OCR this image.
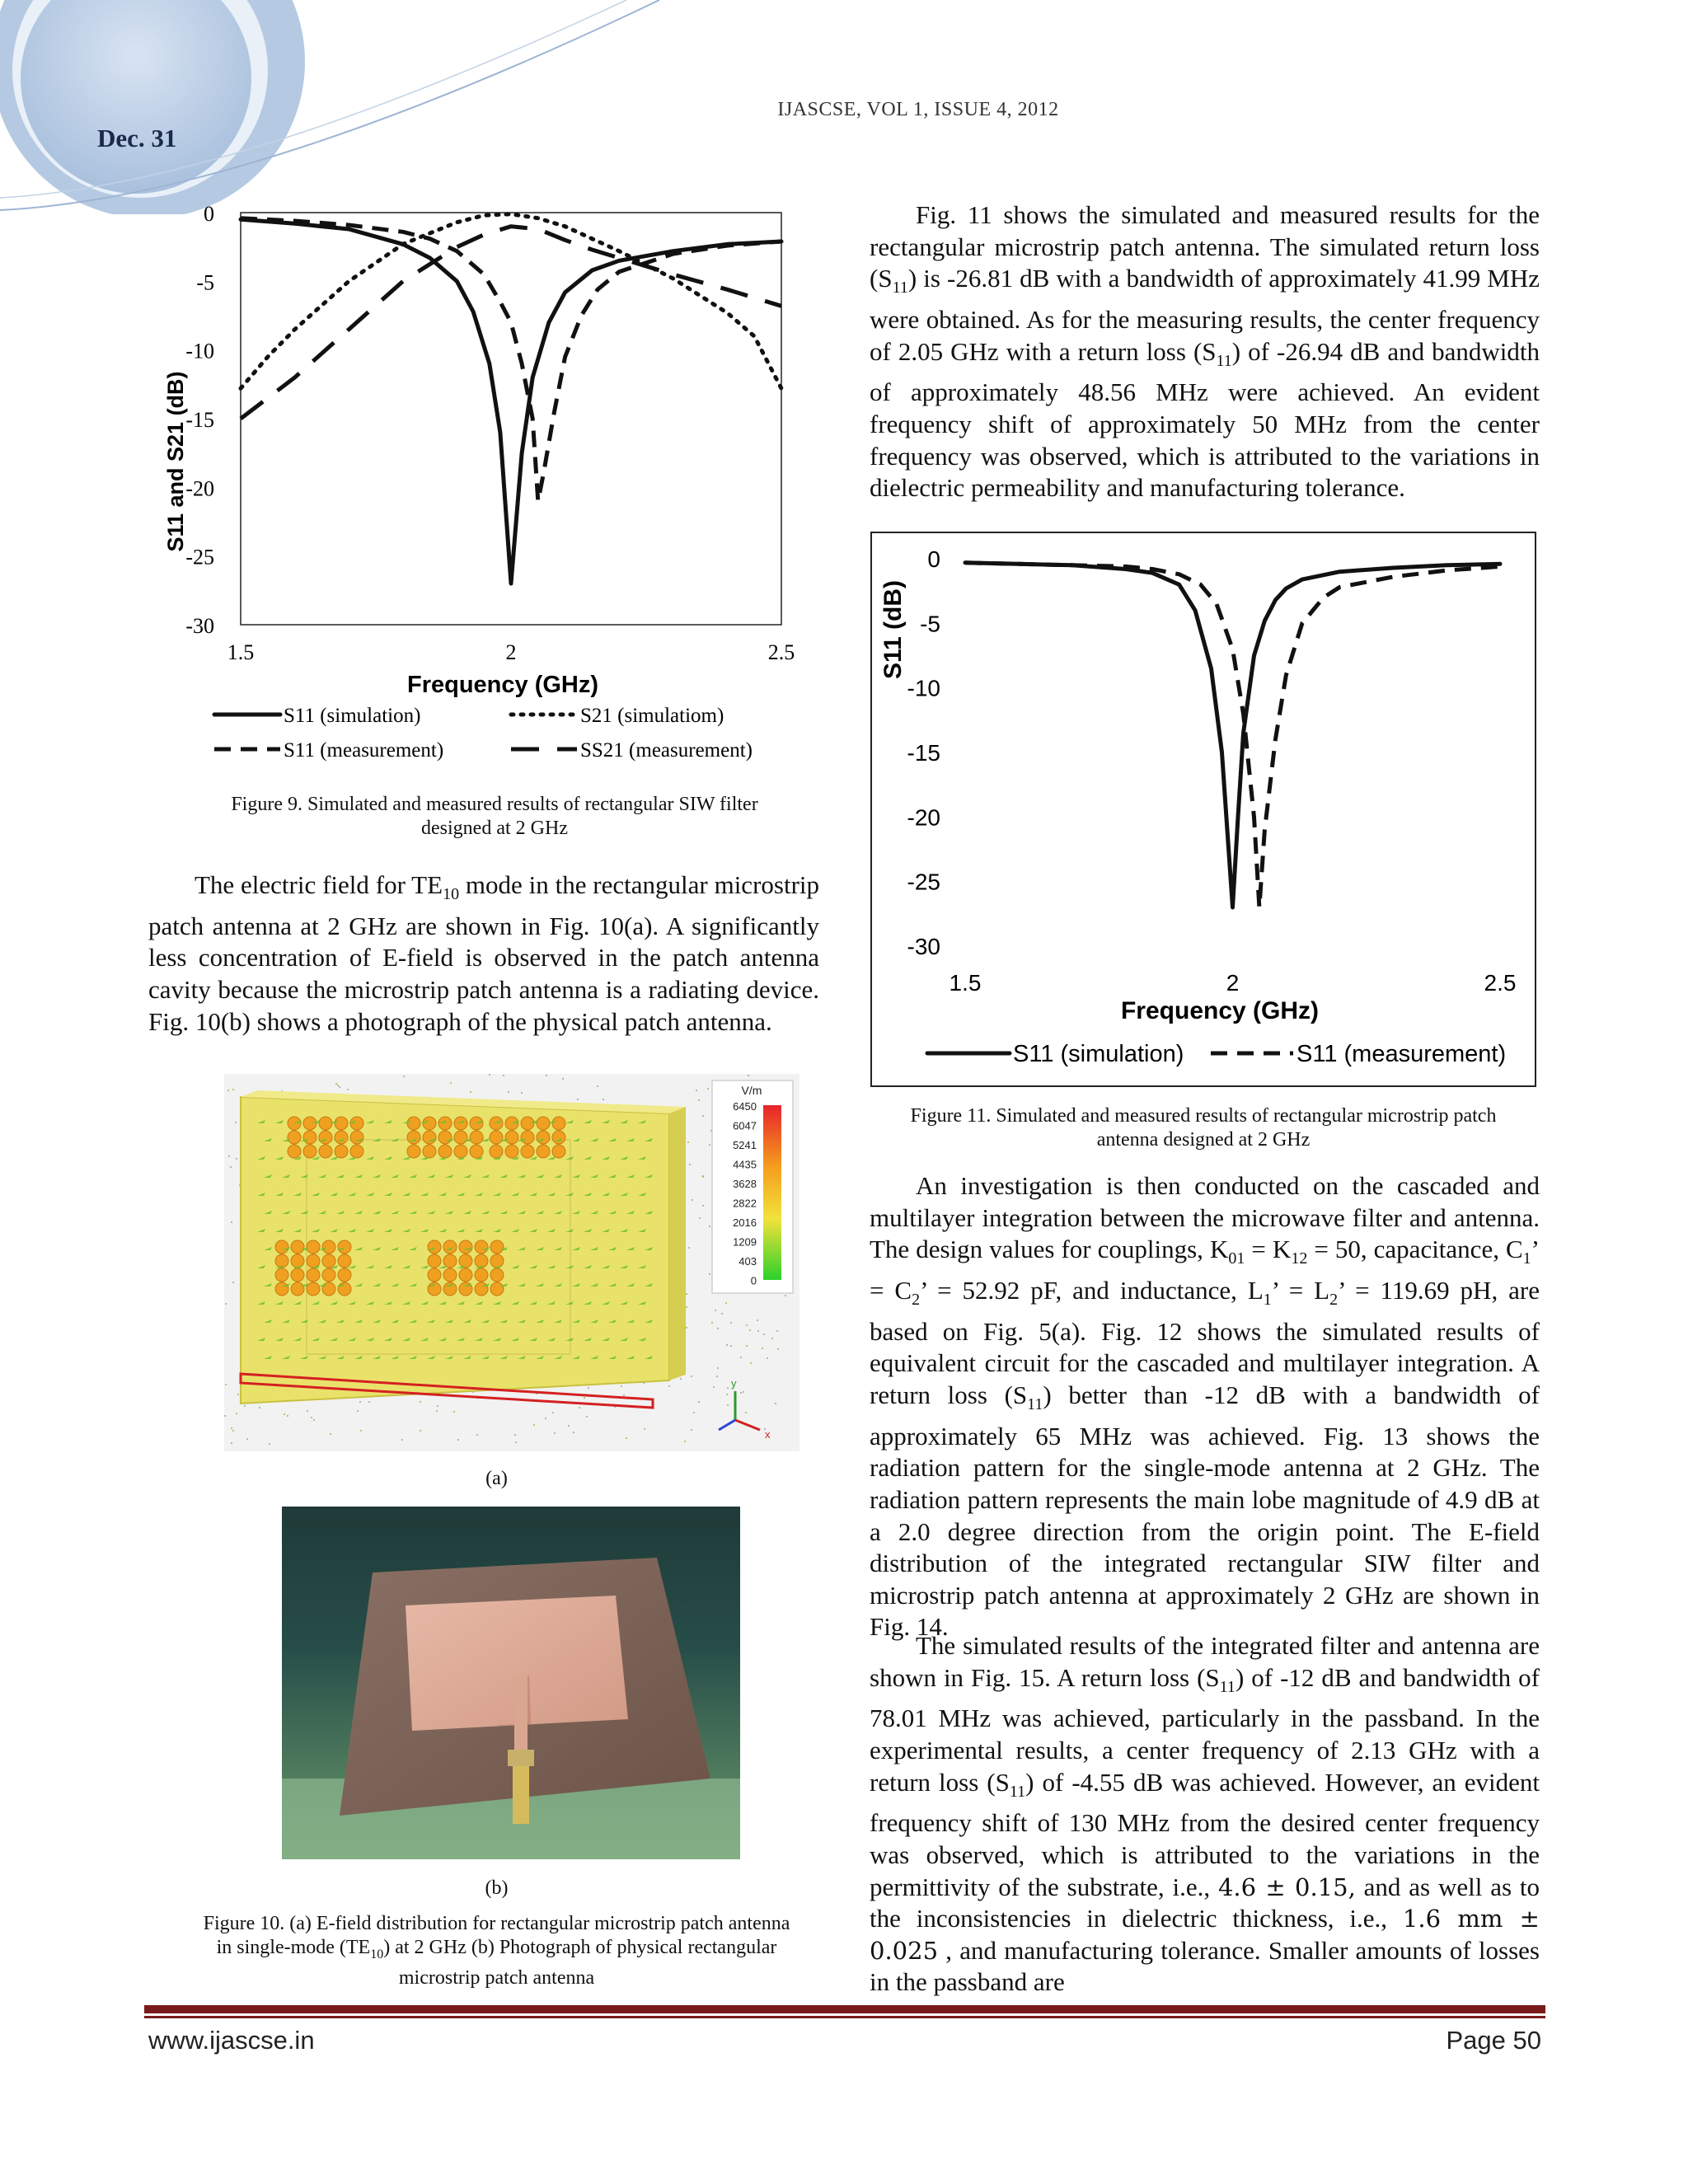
Dec. 31
IJASCSE, VOL 1, ISSUE 4, 2012
0
-5
-10
-15
-20
-25
-30
1.5	2	2.5
S11 and S21 (dB)
Frequency (GHz)
S11 (simulation)	S21 (simulatiom)
S11 (measurement)	SS21 (measurement)
Figure 9. Simulated and measured results of rectangular SIW filter
designed at 2 GHz

The electric field for $TE_{10}$ mode in the rectangular microstrip patch antenna at 2 GHz are shown in Fig. 10(a). A significantly less concentration of E-field is observed in the patch antenna cavity because the microstrip patch antenna is a radiating device. Fig. 10(b) shows a photograph of the physical patch antenna.

V/m
6450
6047
5241
4435
3628
2822
2016
1209
403
0
y
x
(a)
(b)
Figure 10. (a) E-field distribution for rectangular microstrip patch antenna
in single-mode $(TE_{10})$ at 2 GHz (b) Photograph of physical rectangular
microstrip patch antenna

Fig. 11 shows the simulated and measured results for the rectangular microstrip patch antenna. The simulated return loss $(S_{11})$ is -26.81 dB with a bandwidth of approximately 41.99 MHz were obtained. As for the measuring results, the center frequency of 2.05 GHz with a return loss $(S_{11})$ of -26.94 dB and bandwidth of approximately 48.56 MHz were achieved. An evident frequency shift of approximately 50 MHz from the center frequency was observed, which is attributed to the variations in dielectric permeability and manufacturing tolerance.

0
-5
-10
-15
-20
-25
-30
1.5	2	2.5
S11 (dB)
Frequency (GHz)
S11 (simulation)	S11 (measurement)
Figure 11. Simulated and measured results of rectangular microstrip patch
antenna designed at 2 GHz

An investigation is then conducted on the cascaded and multilayer integration between the microwave filter and antenna. The design values for couplings, $K_{01} = K_{12} = 50$, capacitance, $C_1$’ = $C_2$’ = 52.92 pF, and inductance, $L_1$’ = $L_2$’ = 119.69 pH, are based on Fig. 5(a). Fig. 12 shows the simulated results of equivalent circuit for the cascaded and multilayer integration. A return loss $(S_{11})$ better than -12 dB with a bandwidth of approximately 65 MHz was achieved. Fig. 13 shows the radiation pattern for the single-mode antenna at 2 GHz. The radiation pattern represents the main lobe magnitude of 4.9 dB at a 2.0 degree direction from the origin point. The E-field distribution of the integrated rectangular SIW filter and microstrip patch antenna at approximately 2 GHz are shown in Fig. 14.

The simulated results of the integrated filter and antenna are shown in Fig. 15. A return loss $(S_{11})$ of -12 dB and bandwidth of 78.01 MHz was achieved, particularly in the passband. In the experimental results, a center frequency of 2.13 GHz with a return loss $(S_{11})$ of -4.55 dB was achieved. However, an evident frequency shift of 130 MHz from the desired center frequency was observed, which is attributed to the variations in the permittivity of the substrate, i.e., 4.6 ± 0.15, and as well as to the inconsistencies in dielectric thickness, i.e., 1.6 mm ± 0.025 , and manufacturing tolerance. Smaller amounts of losses in the passband are

www.ijascse.in	Page 50
